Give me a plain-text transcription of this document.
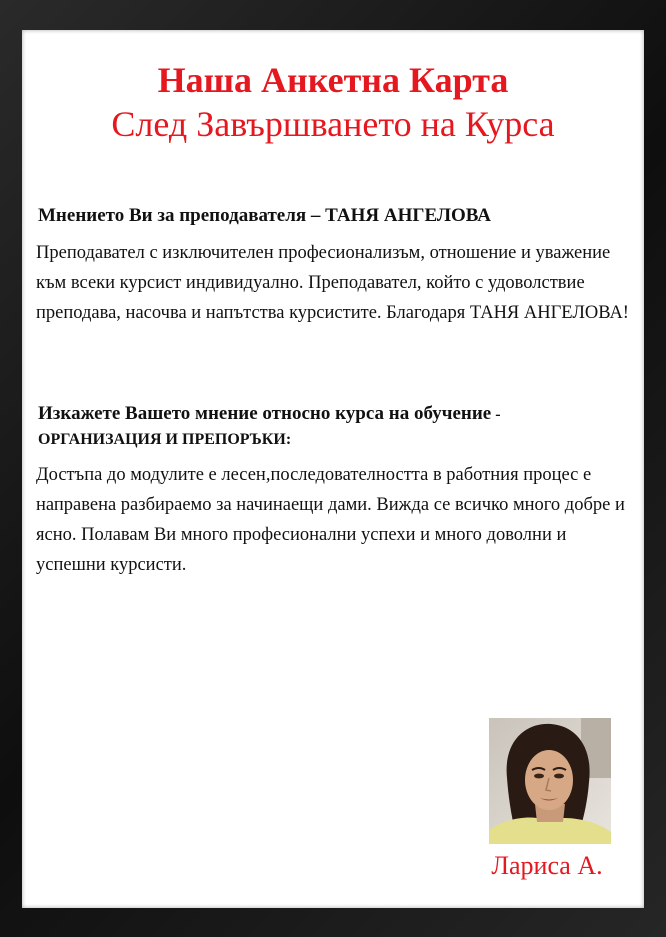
Наша Анкетна Карта
След Завършването на Курса
Мнението Ви за преподавателя – ТАНЯ АНГЕЛОВА
Преподавател с изключителен професионализъм, отношение и уважение към всеки курсист индивидуално. Преподавател, който с удоволствие преподава, насочва и напътства курсистите. Благодаря ТАНЯ АНГЕЛОВА!
Изкажете Вашето мнение относно курса на обучение - ОРГАНИЗАЦИЯ И ПРЕПОРЪКИ:
Достъпа до модулите е лесен,последователността в работния процес е направена разбираемо за начинаещи дами. Вижда се всичко много добре и ясно. Полавам Ви много професионални успехи и много доволни и успешни курсисти.
Лариса А.
